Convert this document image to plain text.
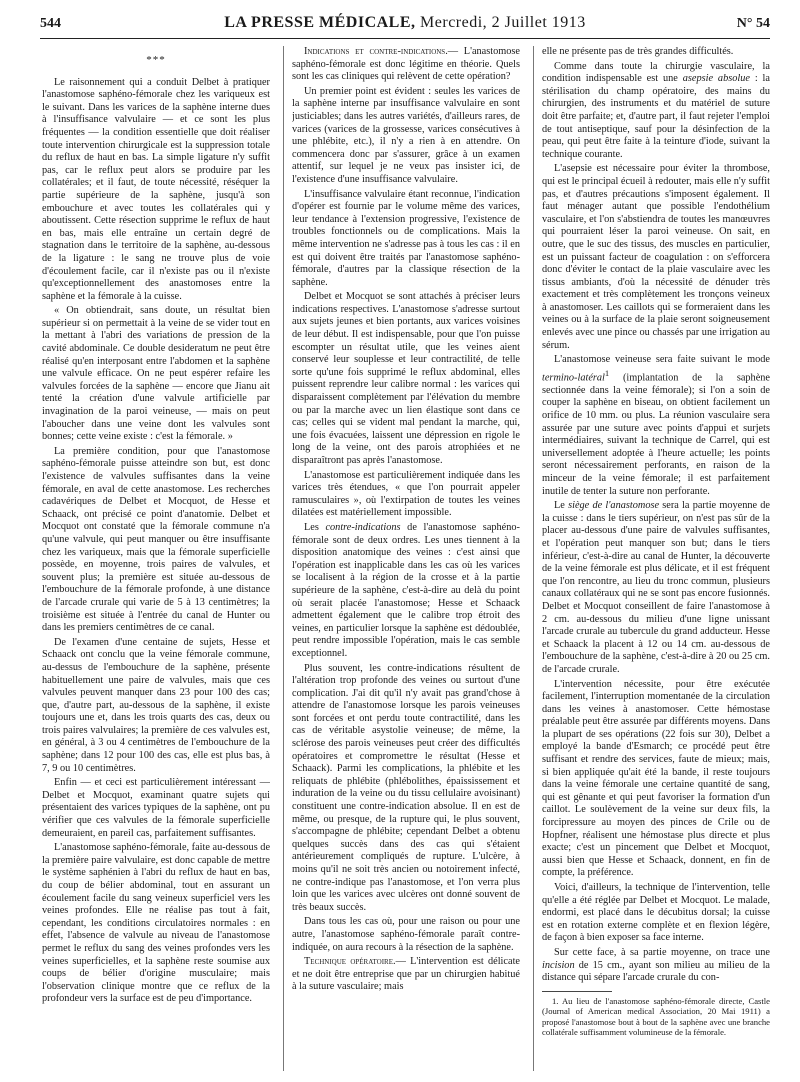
544	LA PRESSE MÉDICALE, Mercredi, 2 Juillet 1913	N° 54
***

Le raisonnement qui a conduit Delbet à pratiquer l'anastomose saphéno-fémorale chez les variqueux est le suivant. Dans les varices de la saphène interne dues à l'insuffisance valvulaire — et ce sont les plus fréquentes — la condition essentielle que doit réaliser toute intervention chirurgicale est la suppression totale du reflux de haut en bas. La simple ligature n'y suffit pas, car le reflux peut alors se produire par les collatérales; et il faut, de toute nécessité, réséquer la partie supérieure de la saphène, jusqu'à son embouchure et avec toutes les collatérales qui y aboutissent. Cette résection supprime le reflux de haut en bas, mais elle entraîne un certain degré de stagnation dans le territoire de la saphène, au-dessous de la ligature : le sang ne trouve plus de voie d'écoulement facile, car il n'existe pas ou il n'existe qu'exceptionnellement des anastomoses entre la saphène et la fémorale à la cuisse.

« On obtiendrait, sans doute, un résultat bien supérieur si on permettait à la veine de se vider tout en la mettant à l'abri des variations de pression de la cavité abdominale. Ce double desideratum ne peut être réalisé qu'en interposant entre l'abdomen et la saphène une valvule efficace. On ne peut espérer refaire les valvules forcées de la saphène — encore que Jianu ait tenté la création d'une valvule artificielle par invagination de la paroi veineuse, — mais on peut l'aboucher dans une veine dont les valvules sont bonnes; cette veine existe : c'est la fémorale. »

La première condition, pour que l'anastomose saphéno-fémorale puisse atteindre son but, est donc l'existence de valvules suffisantes dans la veine fémorale, en aval de cette anastomose. Les recherches cadavériques de Delbet et Mocquot, de Hesse et Schaack, ont précisé ce point d'anatomie. Delbet et Mocquot ont constaté que la fémorale commune n'a qu'une valvule, qui peut manquer ou être insuffisante chez les variqueux, mais que la fémorale superficielle possède, en moyenne, trois paires de valvules, et souvent plus; la première est située au-dessous de l'embouchure de la fémorale profonde, à une distance de l'arcade crurale qui varie de 5 à 13 centimètres; la troisième est située à l'entrée du canal de Hunter ou dans les premiers centimètres de ce canal.

De l'examen d'une centaine de sujets, Hesse et Schaack ont conclu que la veine fémorale commune, au-dessus de l'embouchure de la saphène, présente habituellement une paire de valvules, mais que ces valvules peuvent manquer dans 23 pour 100 des cas; que, d'autre part, au-dessous de la saphène, il existe toujours une et, dans les trois quarts des cas, deux ou trois paires valvulaires; la première de ces valvules est, en général, à 3 ou 4 centimètres de l'embouchure de la saphène; dans 12 pour 100 des cas, elle est plus bas, à 7, 9 ou 10 centimètres.

Enfin — et ceci est particulièrement intéressant — Delbet et Mocquot, examinant quatre sujets qui présentaient des varices typiques de la saphène, ont pu vérifier que ces valvules de la fémorale superficielle demeuraient, en pareil cas, parfaitement suffisantes.

L'anastomose saphéno-fémorale, faite au-dessous de la première paire valvulaire, est donc capable de mettre le système saphénien à l'abri du reflux de haut en bas, du coup de bélier abdominal, tout en assurant un écoulement facile du sang veineux superficiel vers les veines profondes. Elle ne réalise pas tout à fait, cependant, les conditions circulatoires normales : en effet, l'absence de valvule au niveau de l'anastomose permet le reflux du sang des veines profondes vers les veines superficielles, et la saphène reste soumise aux coups de bélier d'origine musculaire; mais l'observation clinique montre que ce reflux de la profondeur vers la surface est de peu d'importance.

Indications et contre-indications.— L'anastomose saphéno-fémorale est donc légitime en théorie. Quels sont les cas cliniques qui relèvent de cette opération?

Un premier point est évident : seules les varices de la saphène interne par insuffisance valvulaire en sont justiciables; dans les autres variétés, d'ailleurs rares, de varices (varices de la grossesse, varices consécutives à une phlébite, etc.), il n'y a rien à en attendre. On commencera donc par s'assurer, grâce à un examen attentif, sur lequel je ne veux pas insister ici, de l'existence d'une insuffisance valvulaire.

L'insuffisance valvulaire étant reconnue, l'indication d'opérer est fournie par le volume même des varices, leur tendance à l'extension progressive, l'existence de troubles fonctionnels ou de complications. Mais la même intervention ne s'adresse pas à tous les cas : il en est qui doivent être traités par l'anastomose saphéno-fémorale, d'autres par la classique résection de la saphène.

Delbet et Mocquot se sont attachés à préciser leurs indications respectives. L'anastomose s'adresse surtout aux sujets jeunes et bien portants, aux varices voisines de leur début. Il est indispensable, pour que l'on puisse escompter un résultat utile, que les veines aient conservé leur souplesse et leur contractilité, de telle sorte qu'une fois supprimé le reflux abdominal, elles puissent reprendre leur calibre normal : les varices qui disparaissent complètement par l'élévation du membre ou par la marche avec un lien élastique sont dans ce cas; celles qui se vident mal pendant la marche, qui, une fois évacuées, laissent une dépression en rigole le long de la veine, ont des parois atrophiées et ne disparaîtront pas après l'anastomose.

L'anastomose est particulièrement indiquée dans les varices très étendues, « que l'on pourrait appeler ramusculaires », où l'extirpation de toutes les veines dilatées est matériellement impossible.

Les contre-indications de l'anastomose saphéno-fémorale sont de deux ordres. Les unes tiennent à la disposition anatomique des veines : c'est ainsi que l'opération est inapplicable dans les cas où les varices se localisent à la région de la crosse et à la partie supérieure de la saphène, c'est-à-dire au delà du point où serait placée l'anastomose; Hesse et Schaack admettent également que le calibre trop étroit des veines, en particulier lorsque la saphène est dédoublée, peut rendre impossible l'opération, mais le cas semble exceptionnel.

Plus souvent, les contre-indications résultent de l'altération trop profonde des veines ou surtout d'une complication. J'ai dit qu'il n'y avait pas grand'chose à attendre de l'anastomose lorsque les parois veineuses sont forcées et ont perdu toute contractilité, dans les cas de véritable asystolie veineuse; de même, la sclérose des parois veineuses peut créer des difficultés opératoires et compromettre le résultat (Hesse et Schaack). Parmi les complications, la phlébite et les reliquats de phlébite (phlébolithes, épaississement et induration de la veine ou du tissu cellulaire avoisinant) constituent une contre-indication absolue. Il en est de même, ou presque, de la rupture qui, le plus souvent, s'accompagne de phlébite; cependant Delbet a obtenu quelques succès dans des cas qui s'étaient antérieurement compliqués de rupture. L'ulcère, à moins qu'il ne soit très ancien ou notoirement infecté, ne contre-indique pas l'anastomose, et l'on verra plus loin que les varices avec ulcères ont donné souvent de très beaux succès.

Dans tous les cas où, pour une raison ou pour une autre, l'anastomose saphéno-fémorale paraît contre-indiquée, on aura recours à la résection de la saphène.

Technique opératoire.— L'intervention est délicate et ne doit être entreprise que par un chirurgien habitué à la suture vasculaire; mais

elle ne présente pas de très grandes difficultés.

Comme dans toute la chirurgie vasculaire, la condition indispensable est une asepsie absolue : la stérilisation du champ opératoire, des mains du chirurgien, des instruments et du matériel de suture doit être parfaite; et, d'autre part, il faut rejeter l'emploi de tout antiseptique, sauf pour la désinfection de la peau, qui peut être faite à la teinture d'iode, suivant la technique courante.

L'asepsie est nécessaire pour éviter la thrombose, qui est le principal écueil à redouter, mais elle n'y suffit pas, et d'autres précautions s'imposent également. Il faut ménager autant que possible l'endothélium vasculaire, et l'on s'abstiendra de toutes les manœuvres qui pourraient léser la paroi veineuse. On sait, en outre, que le suc des tissus, des muscles en particulier, est un puissant facteur de coagulation : on s'efforcera donc d'éviter le contact de la plaie vasculaire avec les tissus ambiants, d'où la nécessité de dénuder très exactement et très complètement les tronçons veineux à anastomoser. Les caillots qui se formeraient dans les veines ou à la surface de la plaie seront soigneusement enlevés avec une pince ou chassés par une irrigation au sérum.

L'anastomose veineuse sera faite suivant le mode termino-latéral$^1$ (implantation de la saphène sectionnée dans la veine fémorale); si l'on a soin de couper la saphène en biseau, on obtient facilement un orifice de 10 mm. ou plus. La réunion vasculaire sera assurée par une suture avec points d'appui et surjets intermédiaires, suivant la technique de Carrel, qui est universellement adoptée à l'heure actuelle; les points seront nécessairement perforants, en raison de la minceur de la veine fémorale; il est parfaitement inutile de tenter la suture non perforante.

Le siège de l'anastomose sera la partie moyenne de la cuisse : dans le tiers supérieur, on n'est pas sûr de la placer au-dessous d'une paire de valvules suffisantes, et l'opération peut manquer son but; dans le tiers inférieur, c'est-à-dire au canal de Hunter, la découverte de la veine fémorale est plus délicate, et il est fréquent que l'on rencontre, au lieu du tronc commun, plusieurs canaux collatéraux qui ne se sont pas encore fusionnés. Delbet et Mocquot conseillent de faire l'anastomose à 2 cm. au-dessous du milieu d'une ligne unissant l'arcade crurale au tubercule du grand adducteur. Hesse et Schaack la placent à 12 ou 14 cm. au-dessous de l'embouchure de la saphène, c'est-à-dire à 20 ou 25 cm. de l'arcade crurale.

L'intervention nécessite, pour être exécutée facilement, l'interruption momentanée de la circulation dans les veines à anastomoser. Cette hémostase préalable peut être assurée par différents moyens. Dans la plupart de ses opérations (22 fois sur 30), Delbet a employé la bande d'Esmarch; ce procédé peut être suffisant et rendre des services, faute de mieux; mais, si bien appliquée qu'ait été la bande, il reste toujours dans la veine fémorale une certaine quantité de sang, qui est gênante et qui peut favoriser la formation d'un caillot. Le soulèvement de la veine sur deux fils, la forcipressure au moyen des pinces de Crile ou de Hopfner, réalisent une hémostase plus directe et plus exacte; c'est un pincement que Delbet et Mocquot, aussi bien que Hesse et Schaack, donnent, en fin de compte, la préférence.

Voici, d'ailleurs, la technique de l'intervention, telle qu'elle a été réglée par Delbet et Mocquot. Le malade, endormi, est placé dans le décubitus dorsal; la cuisse est en rotation externe complète et en flexion légère, de façon à bien exposer sa face interne.

Sur cette face, à sa partie moyenne, on trace une incision de 15 cm., ayant son milieu au milieu de la distance qui sépare l'arcade crurale du con-

1. Au lieu de l'anastomose saphéno-fémorale directe, Castle (Journal of American medical Association, 20 Mai 1911) a proposé l'anastomose bout à bout de la saphène avec une branche collatérale suffisamment volumineuse de la fémorale.
